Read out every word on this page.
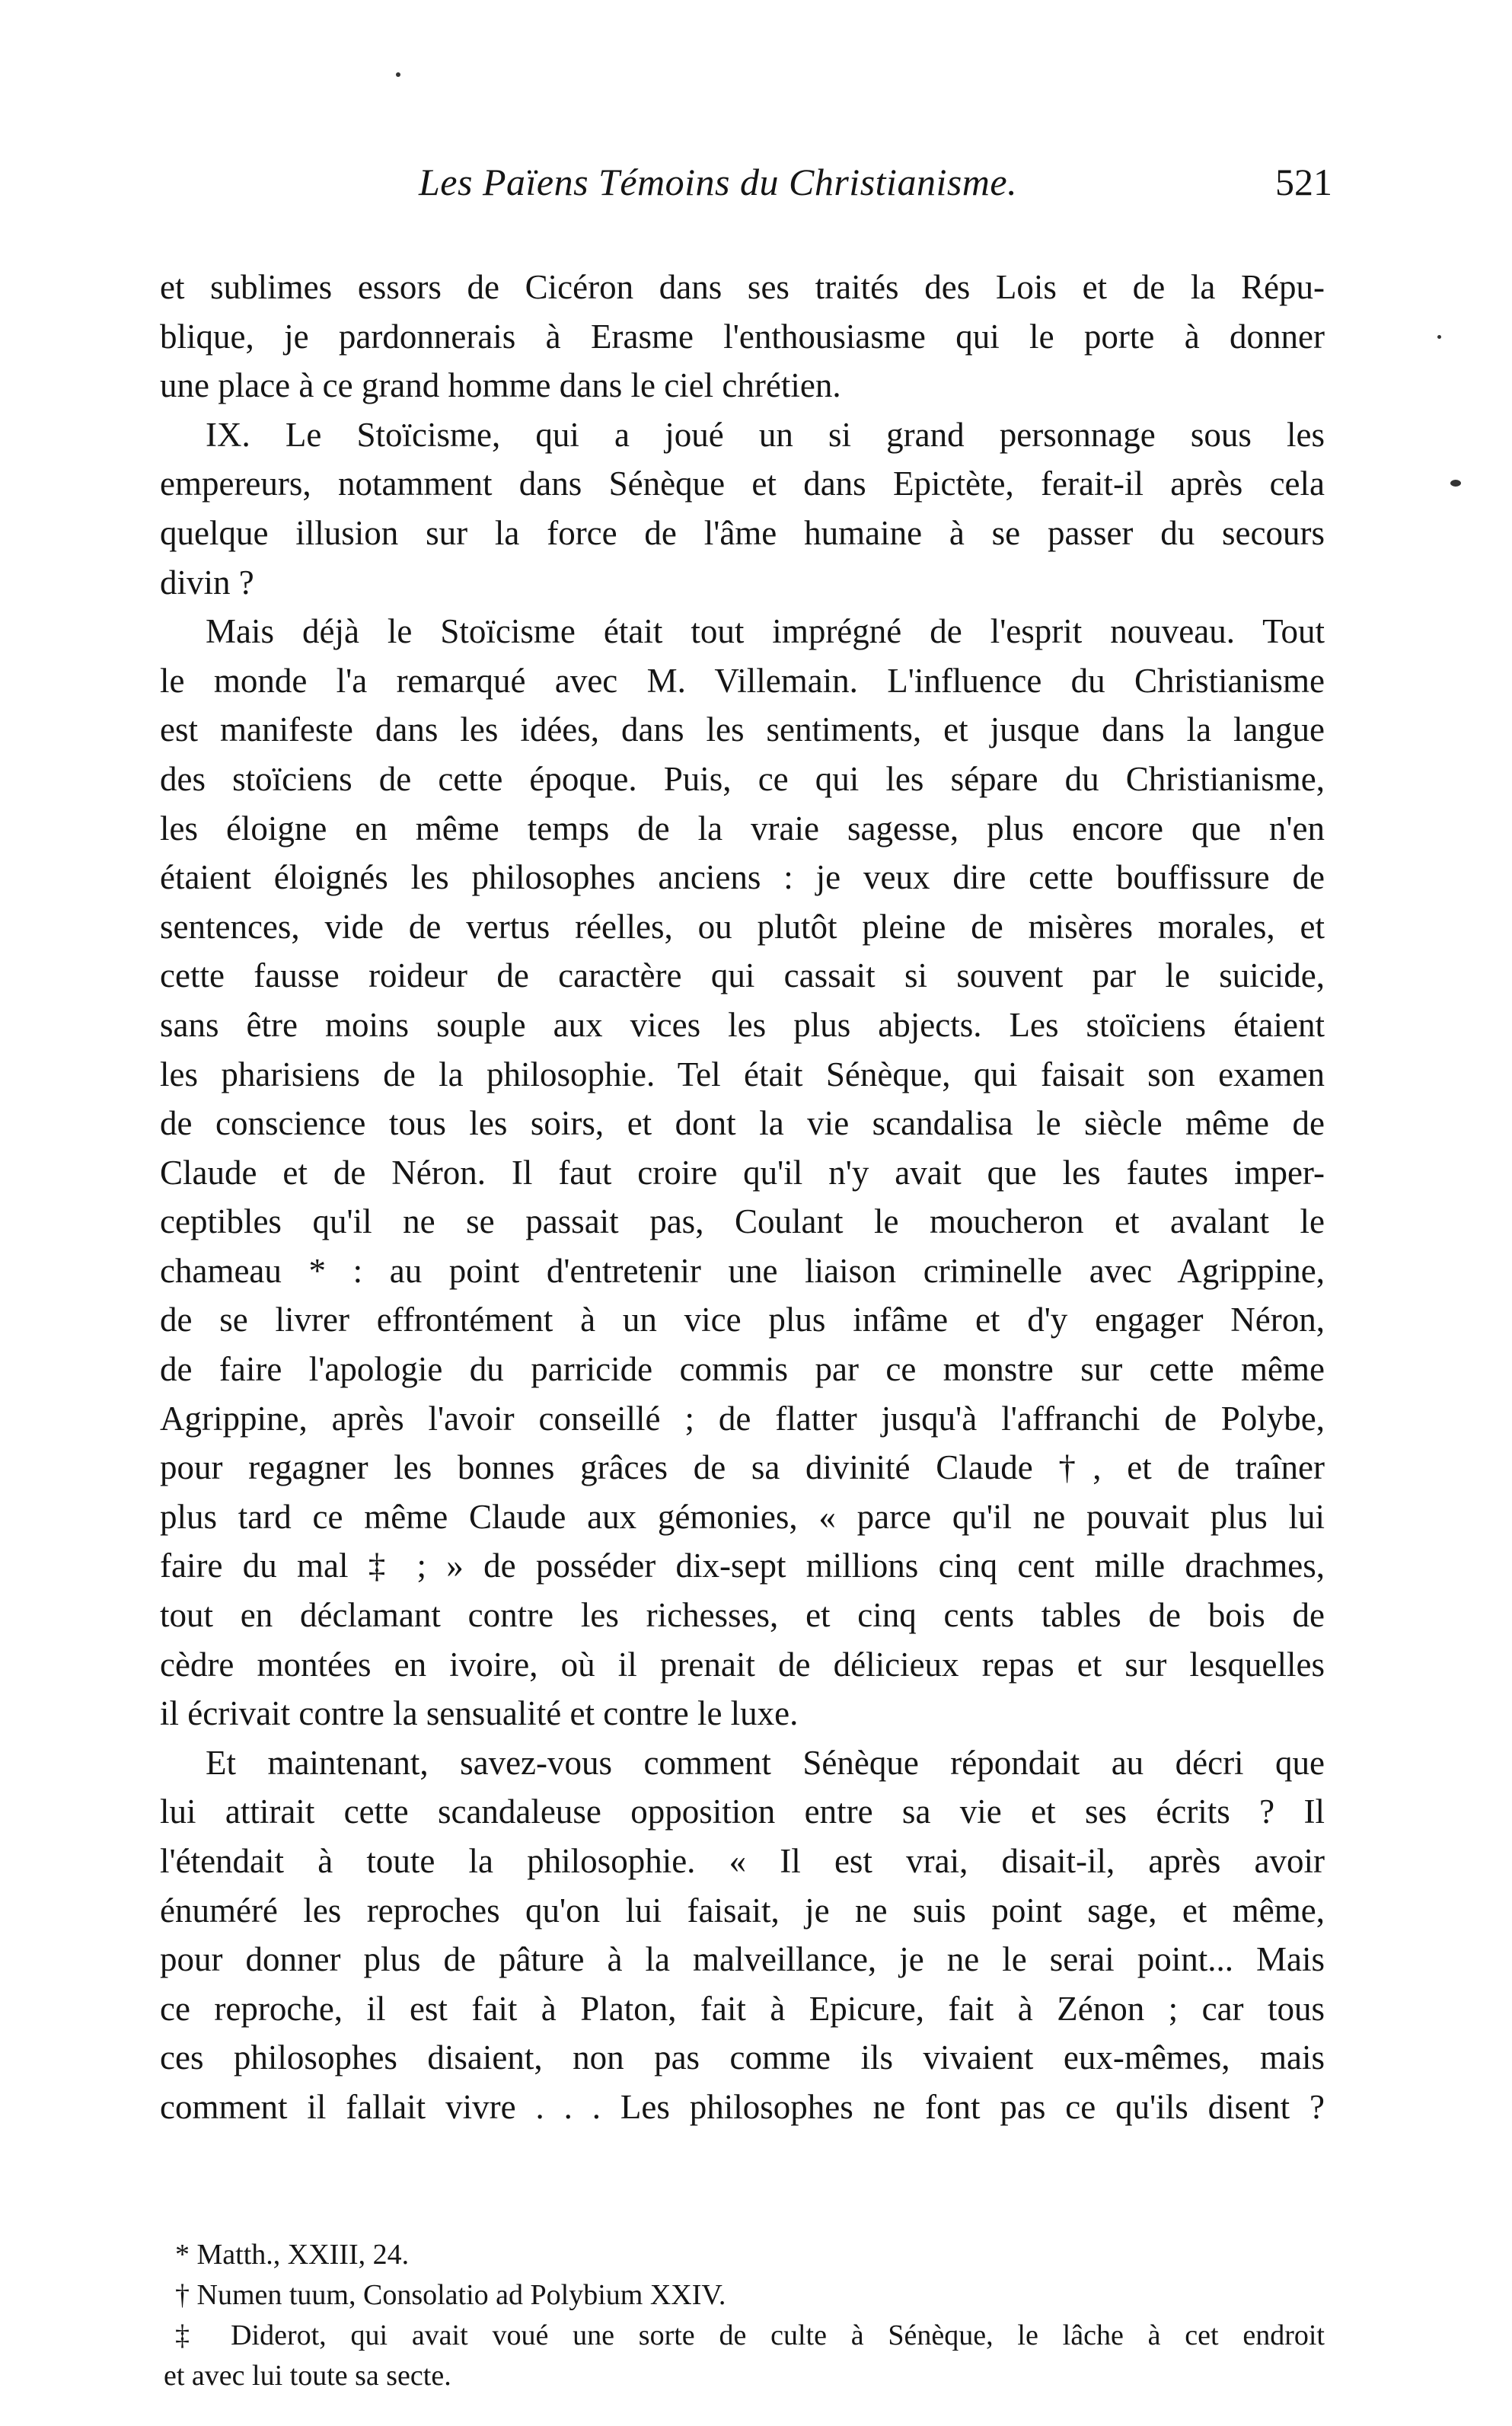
Les Païens Témoins du Christianisme.	521
et sublimes essors de Cicéron dans ses traités des Lois et de la Répu-
blique, je pardonnerais à Erasme l'enthousiasme qui le porte à donner
une place à ce grand homme dans le ciel chrétien.
IX. Le Stoïcisme, qui a joué un si grand personnage sous les
empereurs, notamment dans Sénèque et dans Epictète, ferait-il après cela
quelque illusion sur la force de l'âme humaine à se passer du secours
divin ?
Mais déjà le Stoïcisme était tout imprégné de l'esprit nouveau. Tout
le monde l'a remarqué avec M. Villemain. L'influence du Christianisme
est manifeste dans les idées, dans les sentiments, et jusque dans la langue
des stoïciens de cette époque. Puis, ce qui les sépare du Christianisme,
les éloigne en même temps de la vraie sagesse, plus encore que n'en
étaient éloignés les philosophes anciens : je veux dire cette bouffissure de
sentences, vide de vertus réelles, ou plutôt pleine de misères morales, et
cette fausse roideur de caractère qui cassait si souvent par le suicide,
sans être moins souple aux vices les plus abjects. Les stoïciens étaient
les pharisiens de la philosophie. Tel était Sénèque, qui faisait son examen
de conscience tous les soirs, et dont la vie scandalisa le siècle même de
Claude et de Néron. Il faut croire qu'il n'y avait que les fautes imper-
ceptibles qu'il ne se passait pas, Coulant le moucheron et avalant le
chameau * : au point d'entretenir une liaison criminelle avec Agrippine,
de se livrer effrontément à un vice plus infâme et d'y engager Néron,
de faire l'apologie du parricide commis par ce monstre sur cette même
Agrippine, après l'avoir conseillé ; de flatter jusqu'à l'affranchi de Polybe,
pour regagner les bonnes grâces de sa divinité Claude †, et de traîner
plus tard ce même Claude aux gémonies, « parce qu'il ne pouvait plus lui
faire du mal ‡ ; » de posséder dix-sept millions cinq cent mille drachmes,
tout en déclamant contre les richesses, et cinq cents tables de bois de
cèdre montées en ivoire, où il prenait de délicieux repas et sur lesquelles
il écrivait contre la sensualité et contre le luxe.
Et maintenant, savez-vous comment Sénèque répondait au décri que
lui attirait cette scandaleuse opposition entre sa vie et ses écrits ? Il
l'étendait à toute la philosophie. « Il est vrai, disait-il, après avoir
énuméré les reproches qu'on lui faisait, je ne suis point sage, et même,
pour donner plus de pâture à la malveillance, je ne le serai point... Mais
ce reproche, il est fait à Platon, fait à Epicure, fait à Zénon ; car tous
ces philosophes disaient, non pas comme ils vivaient eux-mêmes, mais
comment il fallait vivre . . . Les philosophes ne font pas ce qu'ils disent ?
* Matth., XXIII, 24.
† Numen tuum, Consolatio ad Polybium XXIV.
‡ Diderot, qui avait voué une sorte de culte à Sénèque, le lâche à cet endroit
et avec lui toute sa secte.
